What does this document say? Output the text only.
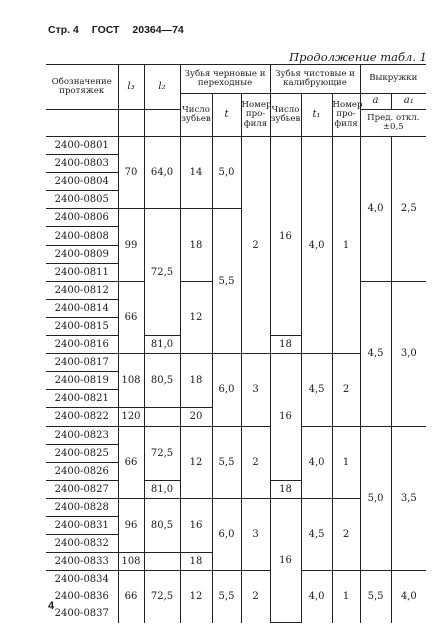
Стр. 4 ГОСТ 20364—74
Продолжение табл. 1
Обозначение протяжек	l₃	l₂	Зубья черновые и переходные			Зубья чистовые и калибрующие			Выкружки	
			Число зубьев	t	Номер про-филя	Число зубьев	t₁	Номер про-филя	a	a₁
									Пред. откл. ±0,5	
2400-0801	70	64,0	14	5,0	2	16	4,0	1	4,0	2,5
2400-0803										
2400-0804										
2400-0805										
2400-0806	99	72,5	18	5,5						
2400-0808										
2400-0809										
2400-0811										
2400-0812	66		12						4,5	3,0
2400-0814										
2400-0815										
2400-0816		81,0				18				
2400-0817	108	80,5	18	6,0	3	16	4,5	2		
2400-0819										
2400-0821										
2400-0822	120		20							
2400-0823	66	72,5	12	5,5	2		4,0	1	5,0	3,5
2400-0825										
2400-0826										
2400-0827		81,0				18				
2400-0828	96	80,5	16	6,0	3	16	4,5	2		
2400-0831										
2400-0832										
2400-0833	108		18							
2400-0834	66	72,5	12	5,5	2		4,0	1	5,5	4,0
2400-0836										
2400-0837										
4
